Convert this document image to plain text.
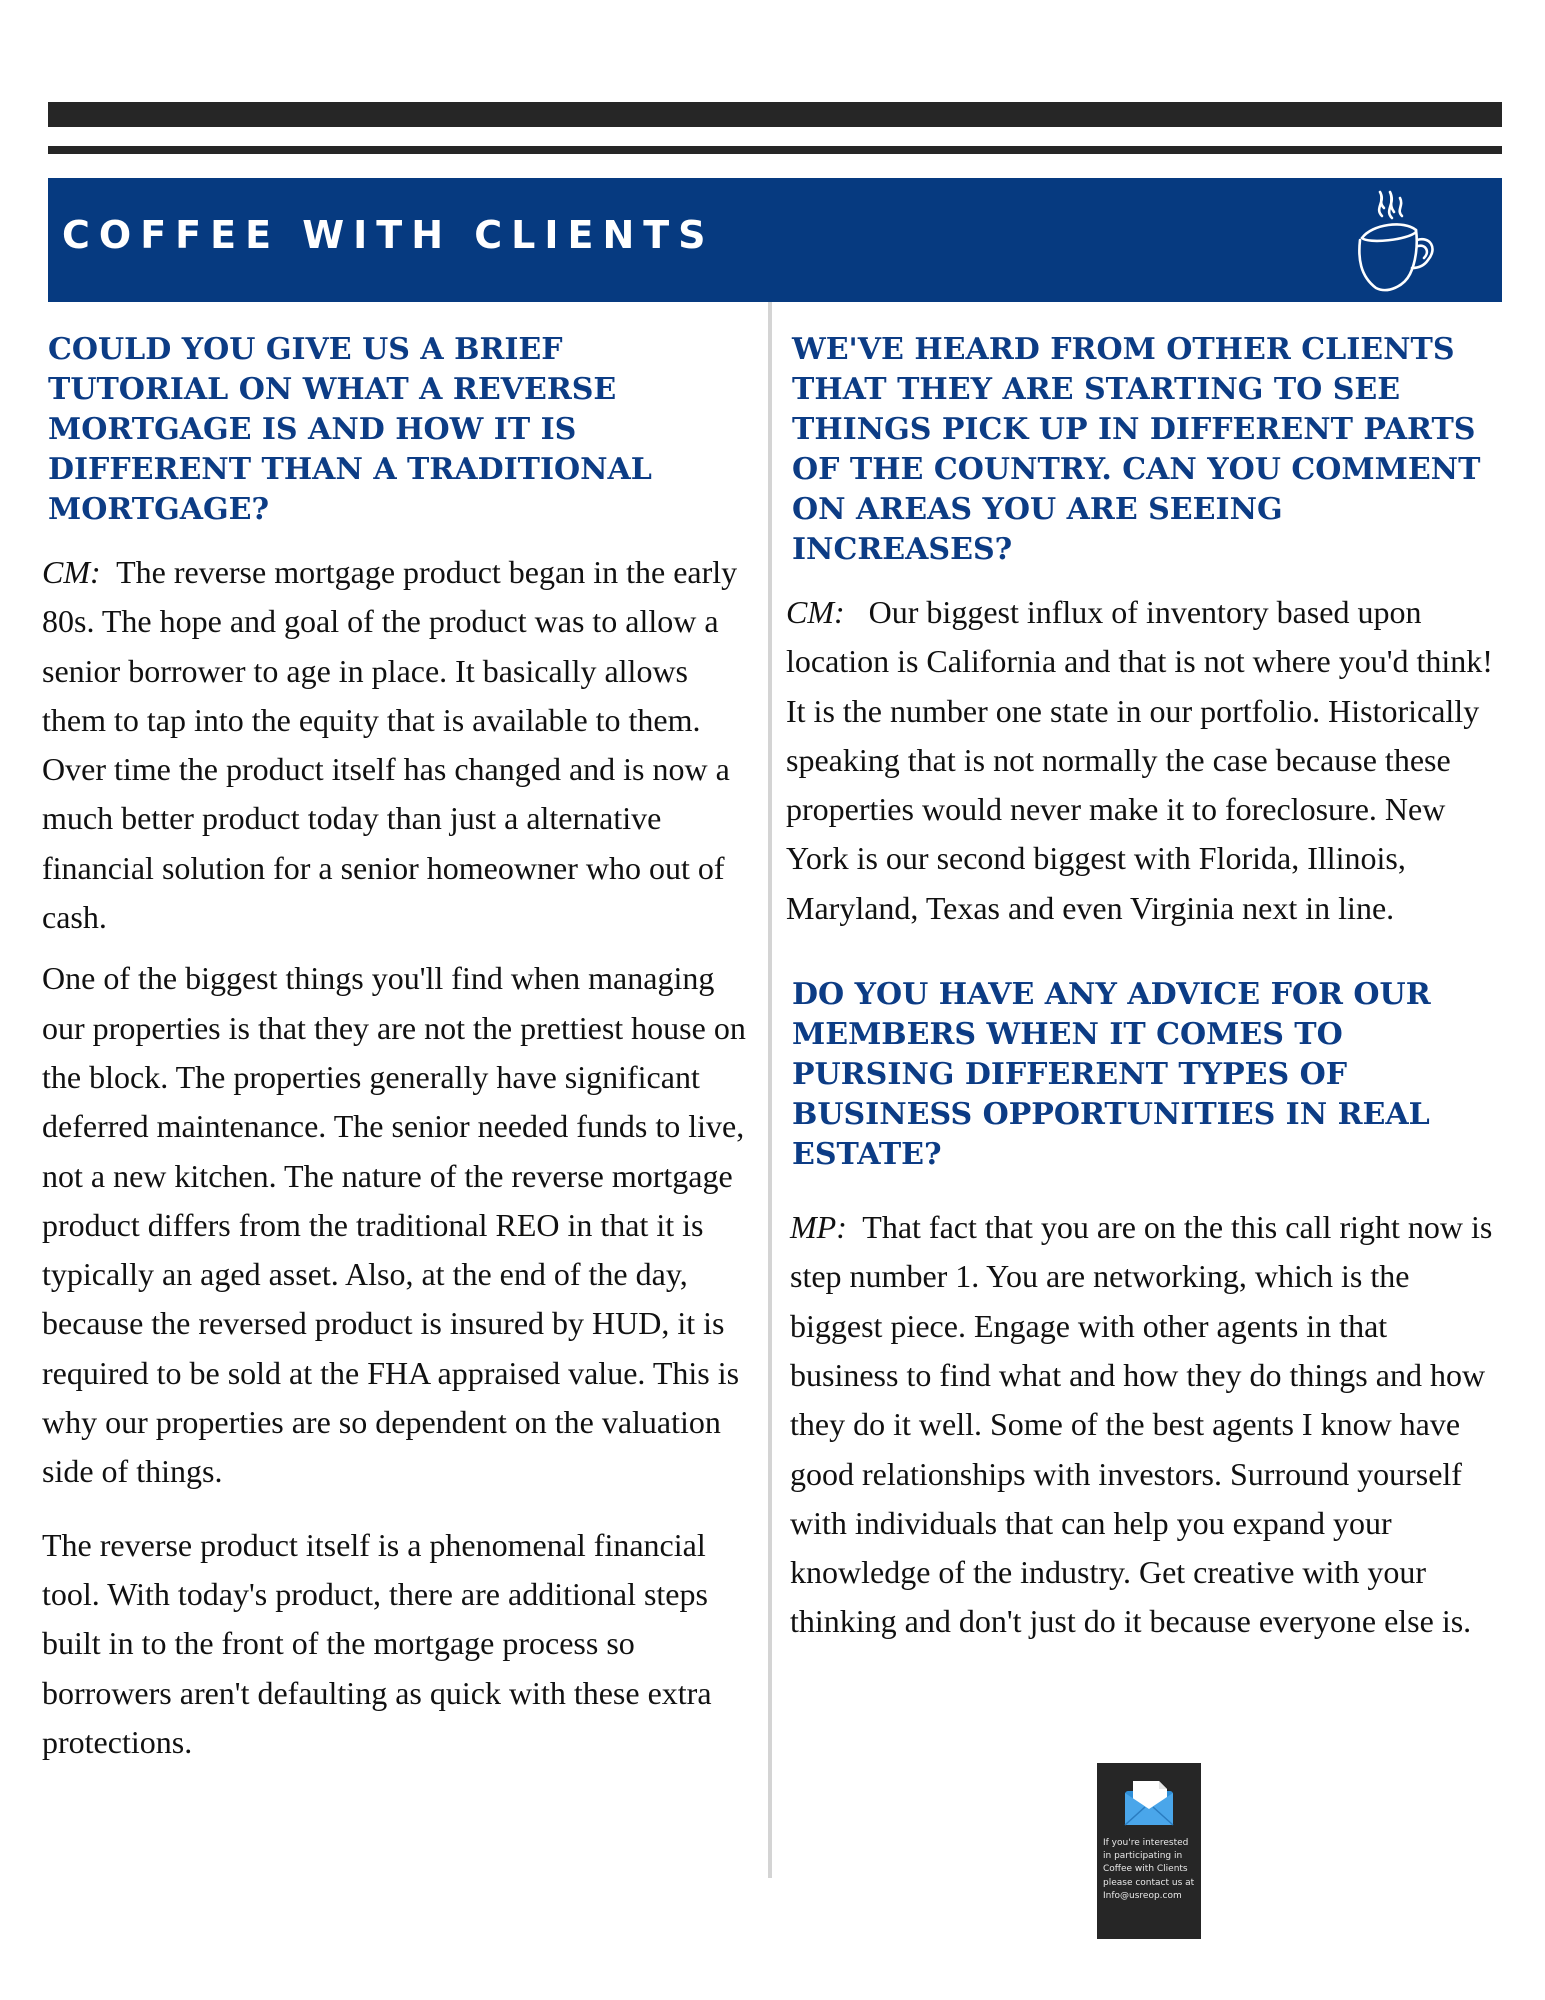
COFFEE WITH CLIENTS
COULD YOU GIVE US A BRIEF TUTORIAL ON WHAT A REVERSE MORTGAGE IS AND HOW IT IS DIFFERENT THAN A TRADITIONAL MORTGAGE?

CM: The reverse mortgage product began in the early 80s. The hope and goal of the product was to allow a senior borrower to age in place. It basically allows them to tap into the equity that is available to them. Over time the product itself has changed and is now a much better product today than just a alternative financial solution for a senior homeowner who out of cash.

One of the biggest things you'll find when managing our properties is that they are not the prettiest house on the block. The properties generally have significant deferred maintenance. The senior needed funds to live, not a new kitchen. The nature of the reverse mortgage product differs from the traditional REO in that it is typically an aged asset. Also, at the end of the day, because the reversed product is insured by HUD, it is required to be sold at the FHA appraised value. This is why our properties are so dependent on the valuation side of things.

The reverse product itself is a phenomenal financial tool. With today's product, there are additional steps built in to the front of the mortgage process so borrowers aren't defaulting as quick with these extra protections.

WE'VE HEARD FROM OTHER CLIENTS THAT THEY ARE STARTING TO SEE THINGS PICK UP IN DIFFERENT PARTS OF THE COUNTRY. CAN YOU COMMENT ON AREAS YOU ARE SEEING INCREASES?

CM: Our biggest influx of inventory based upon location is California and that is not where you'd think! It is the number one state in our portfolio. Historically speaking that is not normally the case because these properties would never make it to foreclosure. New York is our second biggest with Florida, Illinois, Maryland, Texas and even Virginia next in line.

DO YOU HAVE ANY ADVICE FOR OUR MEMBERS WHEN IT COMES TO PURSING DIFFERENT TYPES OF BUSINESS OPPORTUNITIES IN REAL ESTATE?

MP: That fact that you are on the this call right now is step number 1. You are networking, which is the biggest piece. Engage with other agents in that business to find what and how they do things and how they do it well. Some of the best agents I know have good relationships with investors. Surround yourself with individuals that can help you expand your knowledge of the industry. Get creative with your thinking and don't just do it because everyone else is.

If you're interested in participating in Coffee with Clients please contact us at Info@usreop.com
